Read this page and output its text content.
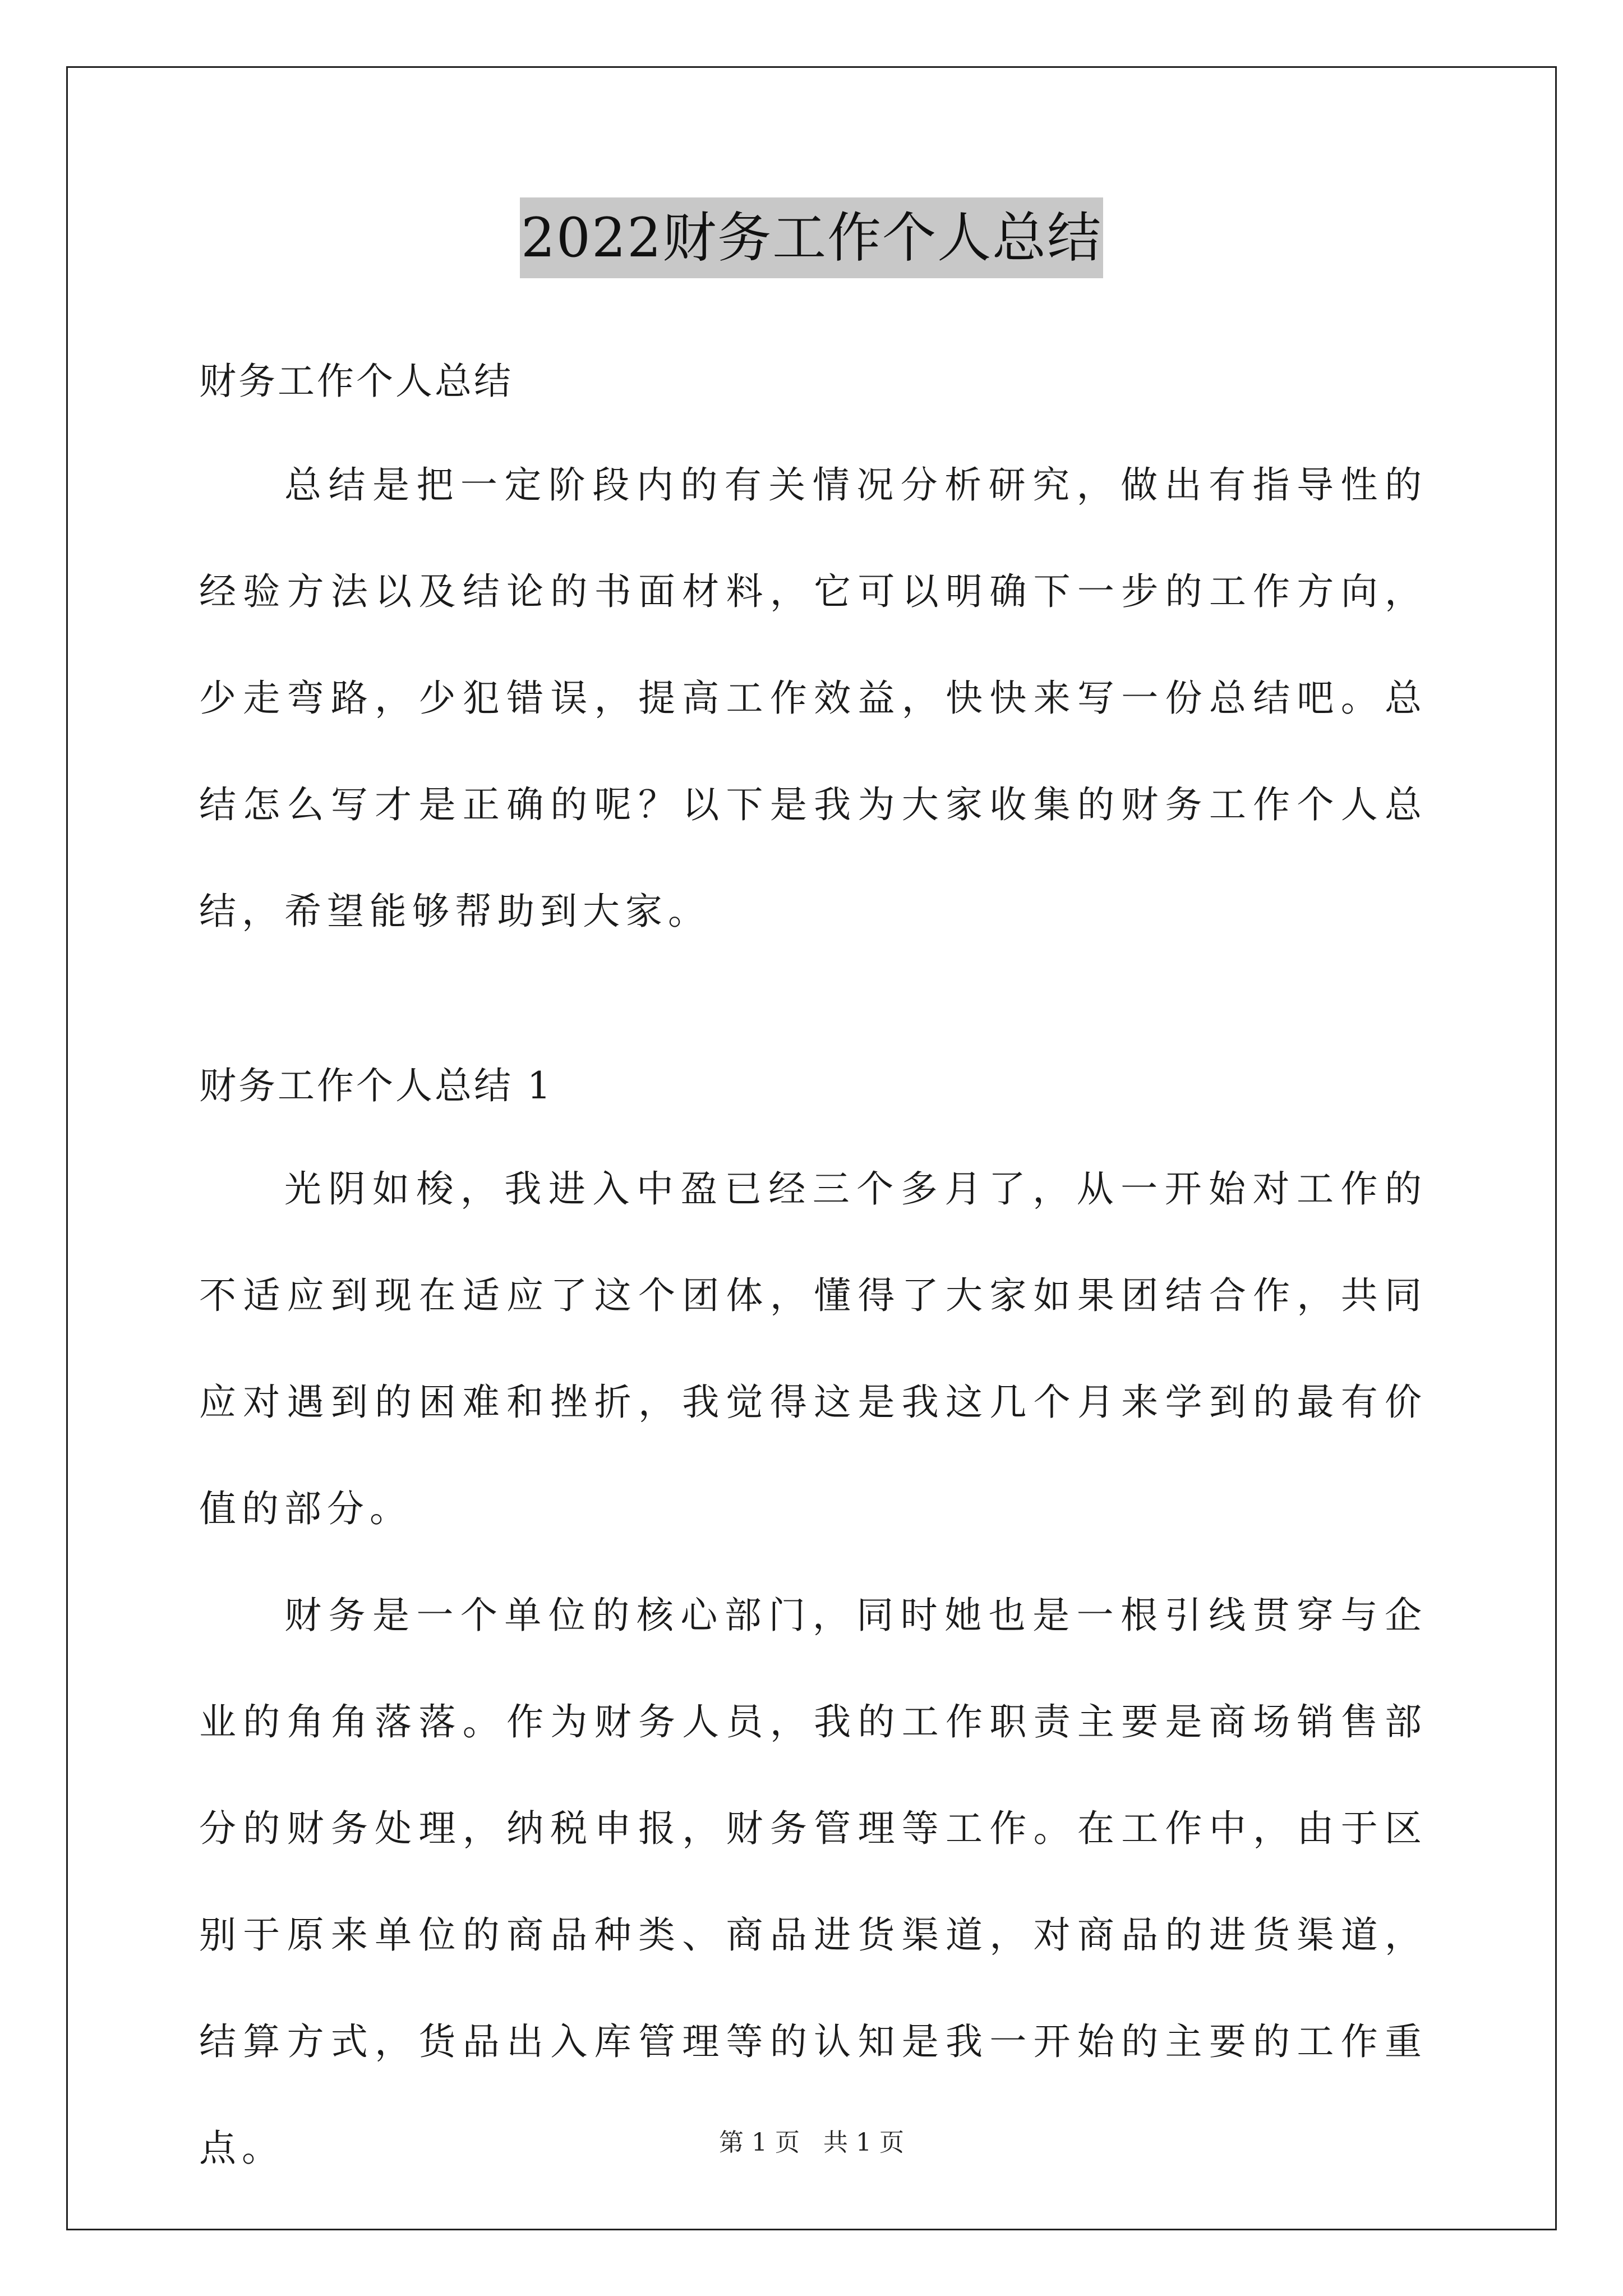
2022财务工作个人总结
财务工作个人总结

总结是把一定阶段内的有关情况分析研究，做出有指导性的经验方法以及结论的书面材料，它可以明确下一步的工作方向，少走弯路，少犯错误，提高工作效益，快快来写一份总结吧。总结怎么写才是正确的呢？以下是我为大家收集的财务工作个人总结，希望能够帮助到大家。

财务工作个人总结 1

光阴如梭，我进入中盈已经三个多月了，从一开始对工作的不适应到现在适应了这个团体，懂得了大家如果团结合作，共同应对遇到的困难和挫折，我觉得这是我这几个月来学到的最有价值的部分。

财务是一个单位的核心部门，同时她也是一根引线贯穿与企业的角角落落。作为财务人员，我的工作职责主要是商场销售部分的财务处理，纳税申报，财务管理等工作。在工作中，由于区别于原来单位的商品种类、商品进货渠道，对商品的进货渠道，结算方式，货品出入库管理等的认知是我一开始的主要的工作重点。	第 1 页 共 1 页
